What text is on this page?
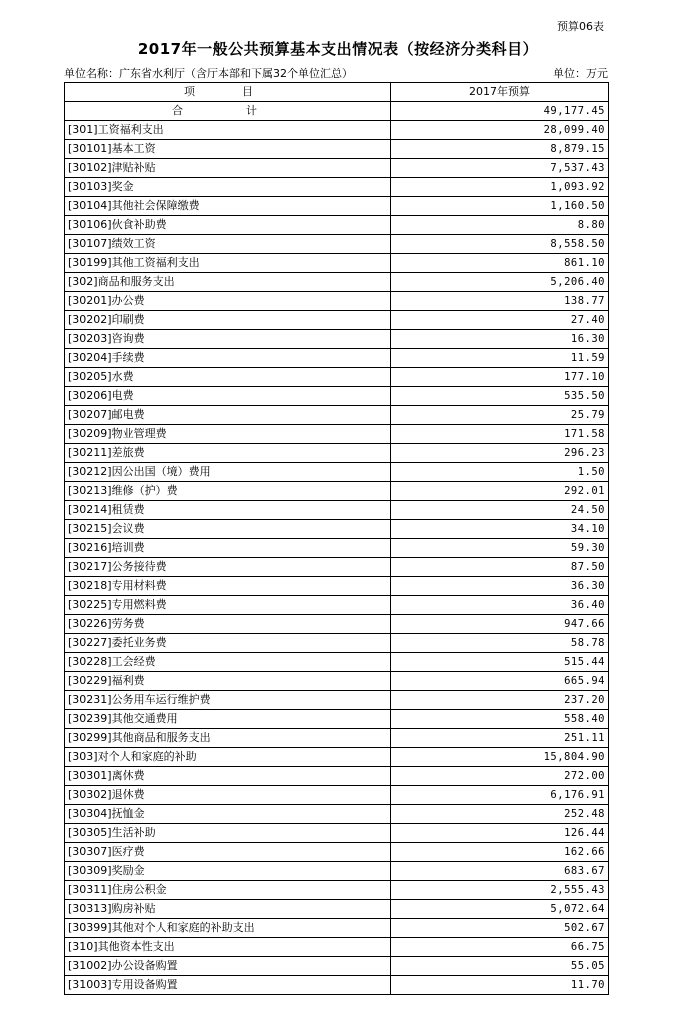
预算06表
2017年一般公共预算基本支出情况表（按经济分类科目）
单位名称：广东省水利厅（含厅本部和下属32个单位汇总）	单位：万元
项　目	2017年预算
合　计	49,177.45
[301]工资福利支出	28,099.40
[30101]基本工资	8,879.15
[30102]津贴补贴	7,537.43
[30103]奖金	1,093.92
[30104]其他社会保障缴费	1,160.50
[30106]伙食补助费	8.80
[30107]绩效工资	8,558.50
[30199]其他工资福利支出	861.10
[302]商品和服务支出	5,206.40
[30201]办公费	138.77
[30202]印刷费	27.40
[30203]咨询费	16.30
[30204]手续费	11.59
[30205]水费	177.10
[30206]电费	535.50
[30207]邮电费	25.79
[30209]物业管理费	171.58
[30211]差旅费	296.23
[30212]因公出国（境）费用	1.50
[30213]维修（护）费	292.01
[30214]租赁费	24.50
[30215]会议费	34.10
[30216]培训费	59.30
[30217]公务接待费	87.50
[30218]专用材料费	36.30
[30225]专用燃料费	36.40
[30226]劳务费	947.66
[30227]委托业务费	58.78
[30228]工会经费	515.44
[30229]福利费	665.94
[30231]公务用车运行维护费	237.20
[30239]其他交通费用	558.40
[30299]其他商品和服务支出	251.11
[303]对个人和家庭的补助	15,804.90
[30301]离休费	272.00
[30302]退休费	6,176.91
[30304]抚恤金	252.48
[30305]生活补助	126.44
[30307]医疗费	162.66
[30309]奖励金	683.67
[30311]住房公积金	2,555.43
[30313]购房补贴	5,072.64
[30399]其他对个人和家庭的补助支出	502.67
[310]其他资本性支出	66.75
[31002]办公设备购置	55.05
[31003]专用设备购置	11.70
